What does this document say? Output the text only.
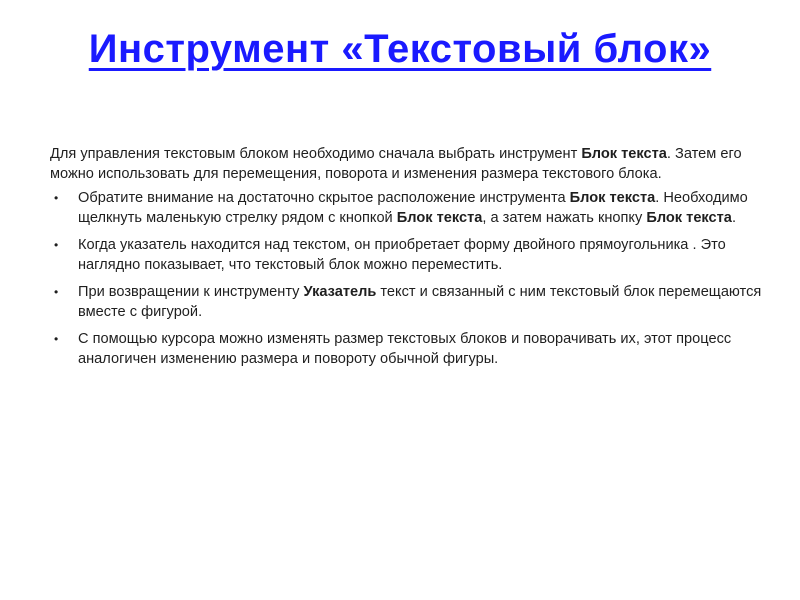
Инструмент «Текстовый блок»

Для управления текстовым блоком необходимо сначала выбрать инструмент Блок текста. Затем его можно использовать для перемещения, поворота и изменения размера текстового блока.

• Обратите внимание на достаточно скрытое расположение инструмента Блок текста. Необходимо щелкнуть маленькую стрелку рядом с кнопкой Блок текста, а затем нажать кнопку Блок текста.
• Когда указатель находится над текстом, он приобретает форму двойного прямоугольника . Это наглядно показывает, что текстовый блок можно переместить.
• При возвращении к инструменту Указатель текст и связанный с ним текстовый блок перемещаются вместе с фигурой.
• С помощью курсора можно изменять размер текстовых блоков и поворачивать их, этот процесс аналогичен изменению размера и повороту обычной фигуры.
